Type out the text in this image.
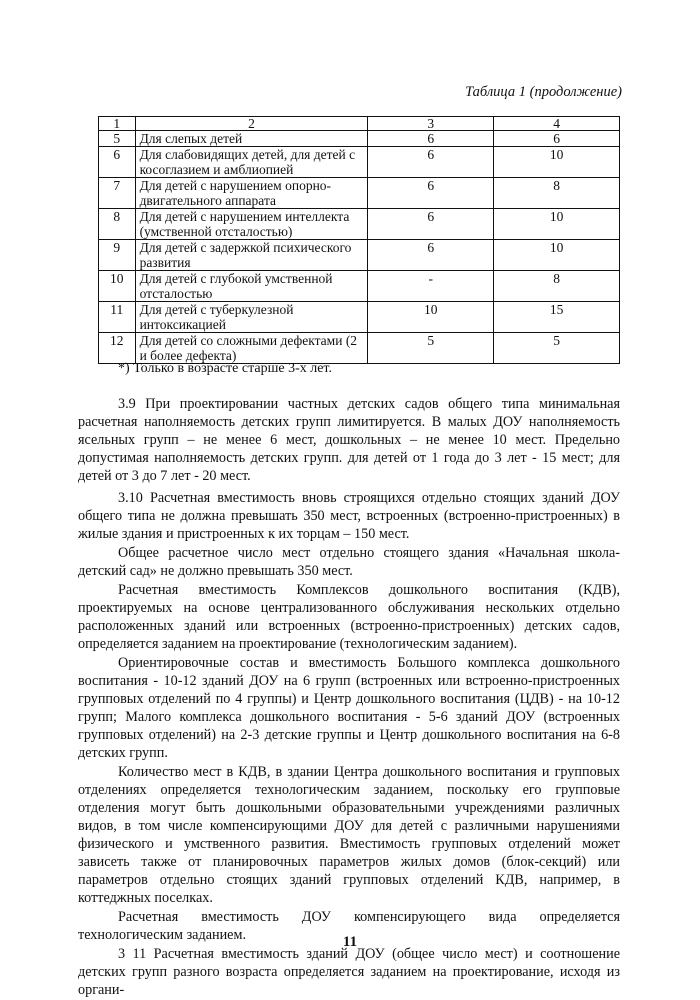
Таблица 1 (продолжение)
1	2	3	4
5	Для слепых детей	6	6
6	Для слабовидящих детей, для детей с косоглазием и амблиопией	6	10
7	Для детей с нарушением опорно-двигательного аппарата	6	8
8	Для детей с нарушением интеллекта (умственной отсталостью)	6	10
9	Для детей с задержкой психического развития	6	10
10	Для детей с глубокой умственной отсталостью	-	8
11	Для детей с туберкулезной интоксикацией	10	15
12	Для детей со сложными дефектами (2 и более дефекта)	5	5
*) Только в возрасте старше 3-х лет.

3.9 При проектировании частных детских садов общего типа минимальная расчетная наполняемость детских групп лимитируется. В малых ДОУ наполняемость ясельных групп – не менее 6 мест, дошкольных – не менее 10 мест. Предельно допустимая наполняемость детских групп. для детей от 1 года до 3 лет - 15 мест; для детей от 3 до 7 лет - 20 мест.

3.10 Расчетная вместимость вновь строящихся отдельно стоящих зданий ДОУ общего типа не должна превышать 350 мест, встроенных (встроенно-пристроенных) в жилые здания и пристроенных к их торцам – 150 мест.

Общее расчетное число мест отдельно стоящего здания «Начальная школа- детский сад» не должно превышать 350 мест.

Расчетная вместимость Комплексов дошкольного воспитания (КДВ), проектируемых на основе централизованного обслуживания нескольких отдельно расположенных зданий или встроенных (встроенно-пристроенных) детских садов, определяется заданием на проектирование (технологическим заданием).

Ориентировочные состав и вместимость Большого комплекса дошкольного воспитания - 10-12 зданий ДОУ на 6 групп (встроенных или встроенно-пристроенных групповых отделений по 4 группы) и Центр дошкольного воспитания (ЦДВ) - на 10-12 групп; Малого комплекса дошкольного воспитания - 5-6 зданий ДОУ (встроенных групповых отделений) на 2-3 детские группы и Центр дошкольного воспитания на 6-8 детских групп.

Количество мест в КДВ, в здании Центра дошкольного воспитания и групповых отделениях определяется технологическим заданием, поскольку его групповые отделения могут быть дошкольными образовательными учреждениями различных видов, в том числе компенсирующими ДОУ для детей с различными нарушениями физического и умственного развития. Вместимость групповых отделений может зависеть также от планировочных параметров жилых домов (блок-секций) или параметров отдельно стоящих зданий групповых отделений КДВ, например, в коттеджных поселках.

Расчетная вместимость ДОУ компенсирующего вида определяется технологическим заданием.

3 11 Расчетная вместимость зданий ДОУ (общее число мест) и соотношение детских групп разного возраста определяется заданием на проектирование, исходя из органи-

11
